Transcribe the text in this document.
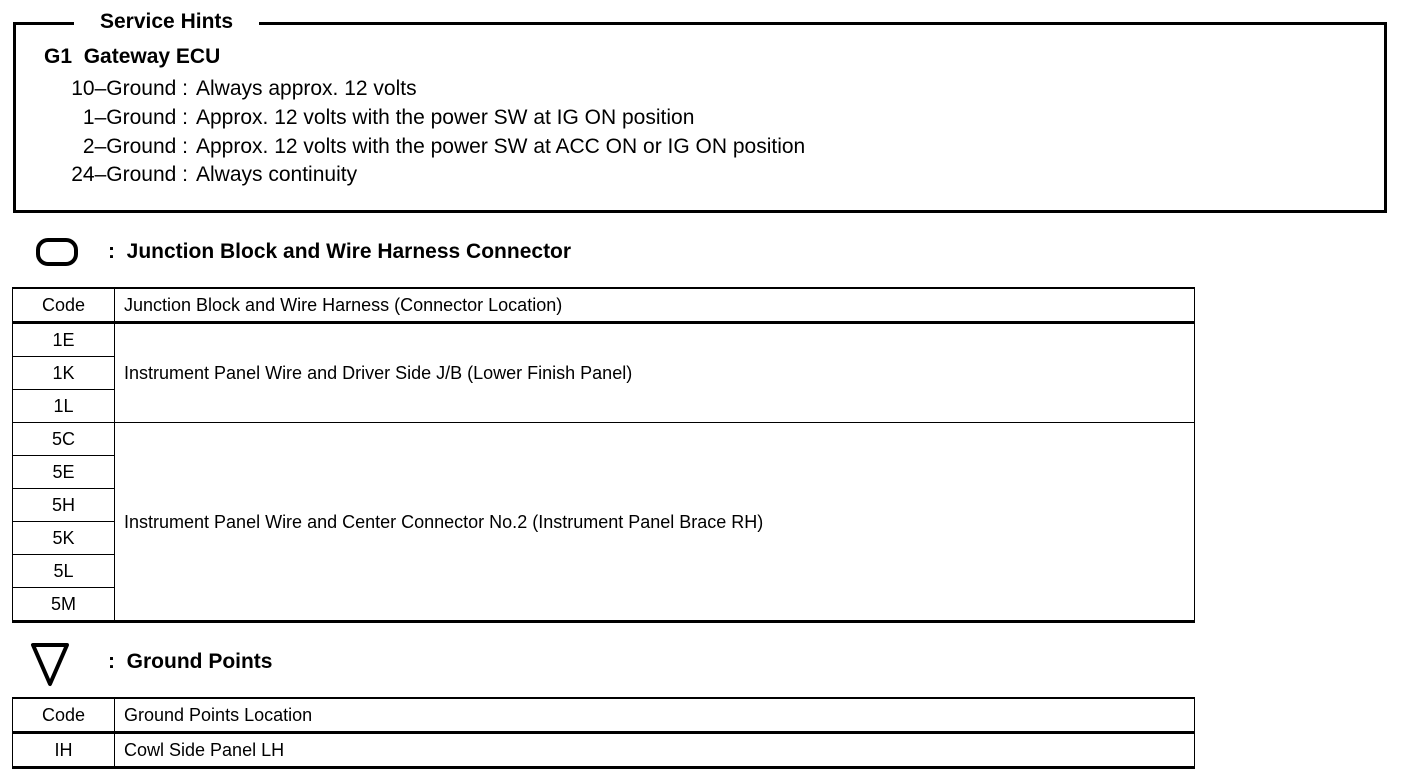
Service Hints
G1 Gateway ECU
10–Ground : Always approx. 12 volts
1–Ground : Approx. 12 volts with the power SW at IG ON position
2–Ground : Approx. 12 volts with the power SW at ACC ON or IG ON position
24–Ground : Always continuity
:  Junction Block and Wire Harness Connector
Code	Junction Block and Wire Harness (Connector Location)
1E	Instrument Panel Wire and Driver Side J/B (Lower Finish Panel)
1K	
1L	
5C	Instrument Panel Wire and Center Connector No.2 (Instrument Panel Brace RH)
5E	
5H	
5K	
5L	
5M	
:  Ground Points
Code	Ground Points Location
IH	Cowl Side Panel LH
